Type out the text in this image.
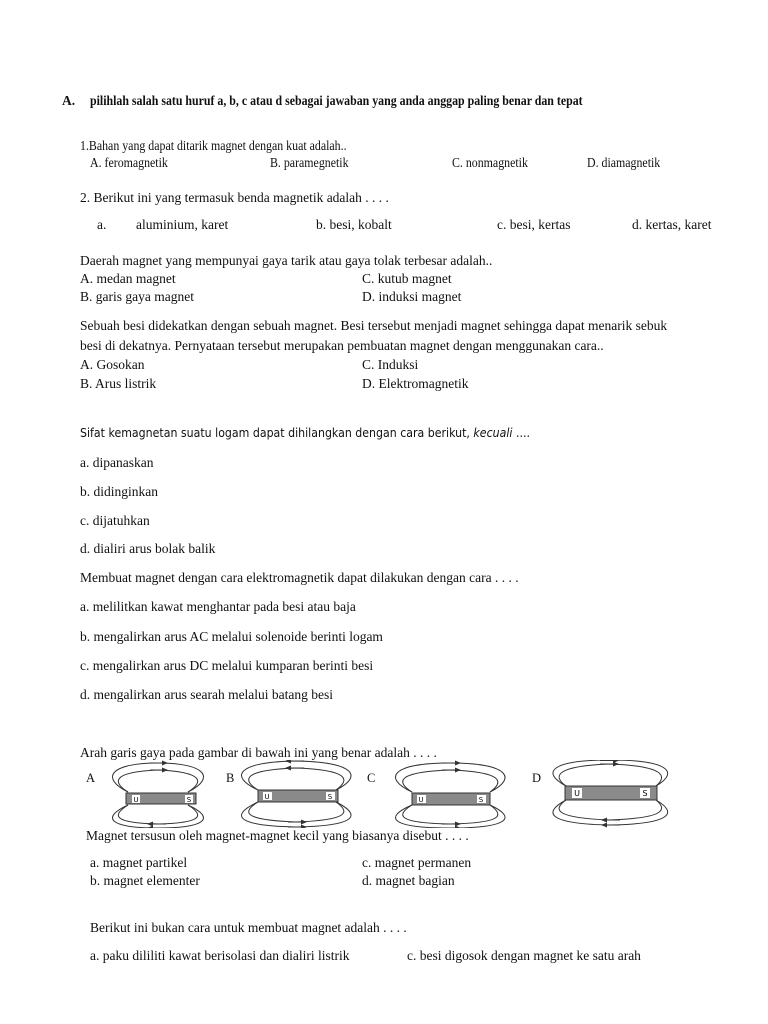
A. pilihlah salah satu huruf a, b, c atau d sebagai jawaban yang anda anggap paling benar dan tepat
1.Bahan yang dapat ditarik magnet dengan kuat adalah..
A. feromagnetik	B. paramegnetik	C. nonmagnetik	D. diamagnetik
2. Berikut ini yang termasuk benda magnetik adalah . . . .
a. aluminium, karet	b. besi, kobalt	c. besi, kertas	d. kertas, karet
Daerah magnet yang mempunyai gaya tarik atau gaya tolak terbesar adalah..
A. medan magnet	C. kutub magnet
B. garis gaya magnet	D. induksi magnet
Sebuah besi didekatkan dengan sebuah magnet. Besi tersebut menjadi magnet sehingga dapat menarik sebuk
besi di dekatnya. Pernyataan tersebut merupakan pembuatan magnet dengan menggunakan cara..
A. Gosokan	C. Induksi
B. Arus listrik	D. Elektromagnetik
Sifat kemagnetan suatu logam dapat dihilangkan dengan cara berikut, kecuali ....
a. dipanaskan
b. didinginkan
c. dijatuhkan
d. dialiri arus bolak balik
Membuat magnet dengan cara elektromagnetik dapat dilakukan dengan cara . . . .
a. melilitkan kawat menghantar pada besi atau baja
b. mengalirkan arus AC melalui solenoide berinti logam
c. mengalirkan arus DC melalui kumparan berinti besi
d. mengalirkan arus searah melalui batang besi
Arah garis gaya pada gambar di bawah ini yang benar adalah . . . .
A	B	C	D
U	S	U	S	U	S
U	S
Magnet tersusun oleh magnet-magnet kecil yang biasanya disebut . . . .
a. magnet partikel	c. magnet permanen
b. magnet elementer	d. magnet bagian
Berikut ini bukan cara untuk membuat magnet adalah . . . .
a. paku dililiti kawat berisolasi dan dialiri listrik	c. besi digosok dengan magnet ke satu arah
